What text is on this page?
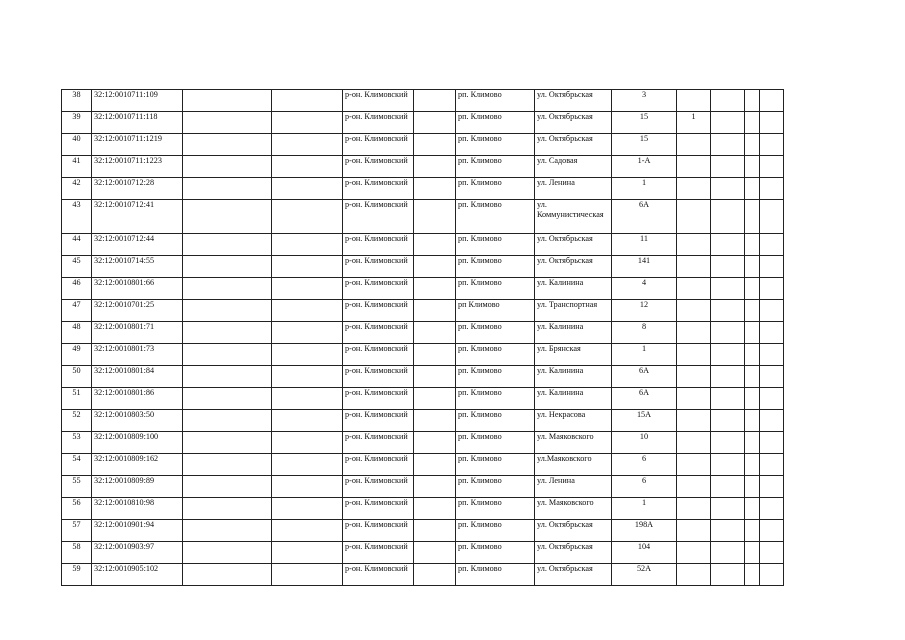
38	32:12:0010711:109			р-он. Климовский		рп. Климово	ул. Октябрьская	3				
39	32:12:0010711:118			р-он. Климовский		рп. Климово	ул. Октябрьская	15	1			
40	32:12:0010711:1219			р-он. Климовский		рп. Климово	ул. Октябрьская	15				
41	32:12:0010711:1223			р-он. Климовский		рп. Климово	ул. Садовая	1-А				
42	32:12:0010712:28			р-он. Климовский		рп. Климово	ул. Ленина	1				
43	32:12:0010712:41			р-он. Климовский		рп. Климово	ул. Коммунистическая	6А				
44	32:12:0010712:44			р-он. Климовский		рп. Климово	ул. Октябрьская	11				
45	32:12:0010714:55			р-он. Климовский		рп. Климово	ул. Октябрьская	141				
46	32:12:0010801:66			р-он. Климовский		рп. Климово	ул. Калинина	4				
47	32:12:0010701:25			р-он. Климовский		рп Климово	ул. Транспортная	12				
48	32:12:0010801:71			р-он. Климовский		рп. Климово	ул. Калинина	8				
49	32:12:0010801:73			р-он. Климовский		рп. Климово	ул. Брянская	1				
50	32:12:0010801:84			р-он. Климовский		рп. Климово	ул. Калинина	6А				
51	32:12:0010801:86			р-он. Климовский		рп. Климово	ул. Калинина	6А				
52	32:12:0010803:50			р-он. Климовский		рп. Климово	ул. Некрасова	15А				
53	32:12:0010809:100			р-он. Климовский		рп. Климово	ул. Маяковского	10				
54	32:12:0010809:162			р-он. Климовский		рп. Климово	ул.Маяковского	6				
55	32:12:0010809:89			р-он. Климовский		рп. Климово	ул. Ленина	6				
56	32:12:0010810:98			р-он. Климовский		рп. Климово	ул. Маяковского	1				
57	32:12:0010901:94			р-он. Климовский		рп. Климово	ул. Октябрьская	198А				
58	32:12:0010903:97			р-он. Климовский		рп. Климово	ул. Октябрьская	104				
59	32:12:0010905:102			р-он. Климовский		рп. Климово	ул. Октябрьская	52А				
